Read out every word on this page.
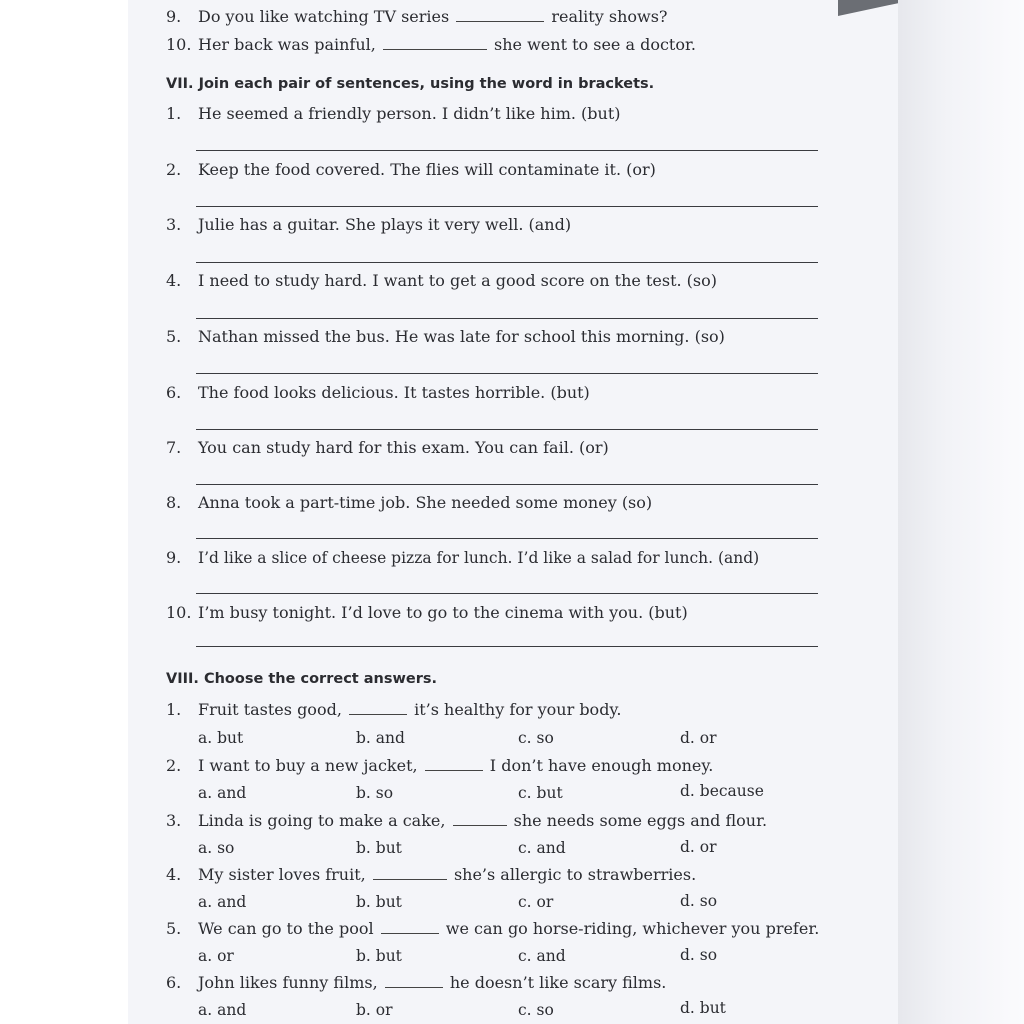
9. Do you like watching TV series	reality shows?
10. Her back was painful,	she went to see a doctor.
VII. Join each pair of sentences, using the word in brackets.
1. He seemed a friendly person. I didn’t like him. (but)
2. Keep the food covered. The flies will contaminate it. (or)
3. Julie has a guitar. She plays it very well. (and)
4. I need to study hard. I want to get a good score on the test. (so)
5. Nathan missed the bus. He was late for school this morning. (so)
6. The food looks delicious. It tastes horrible. (but)
7. You can study hard for this exam. You can fail. (or)
8. Anna took a part-time job. She needed some money (so)
9. I’d like a slice of cheese pizza for lunch. I’d like a salad for lunch. (and)
10. I’m busy tonight. I’d love to go to the cinema with you. (but)
VIII. Choose the correct answers.
1. Fruit tastes good,	it’s healthy for your body.
a. but	b. and	c. so	d. or
2. I want to buy a new jacket,	I don’t have enough money.
a. and	b. so	c. but	d. because
3. Linda is going to make a cake,	she needs some eggs and flour.
a. so	b. but	c. and	d. or
4. My sister loves fruit,	she’s allergic to strawberries.
a. and	b. but	c. or	d. so
5. We can go to the pool	we can go horse-riding, whichever you prefer.
a. or	b. but	c. and	d. so
6. John likes funny films,	he doesn’t like scary films.
a. and	b. or	c. so	d. but
